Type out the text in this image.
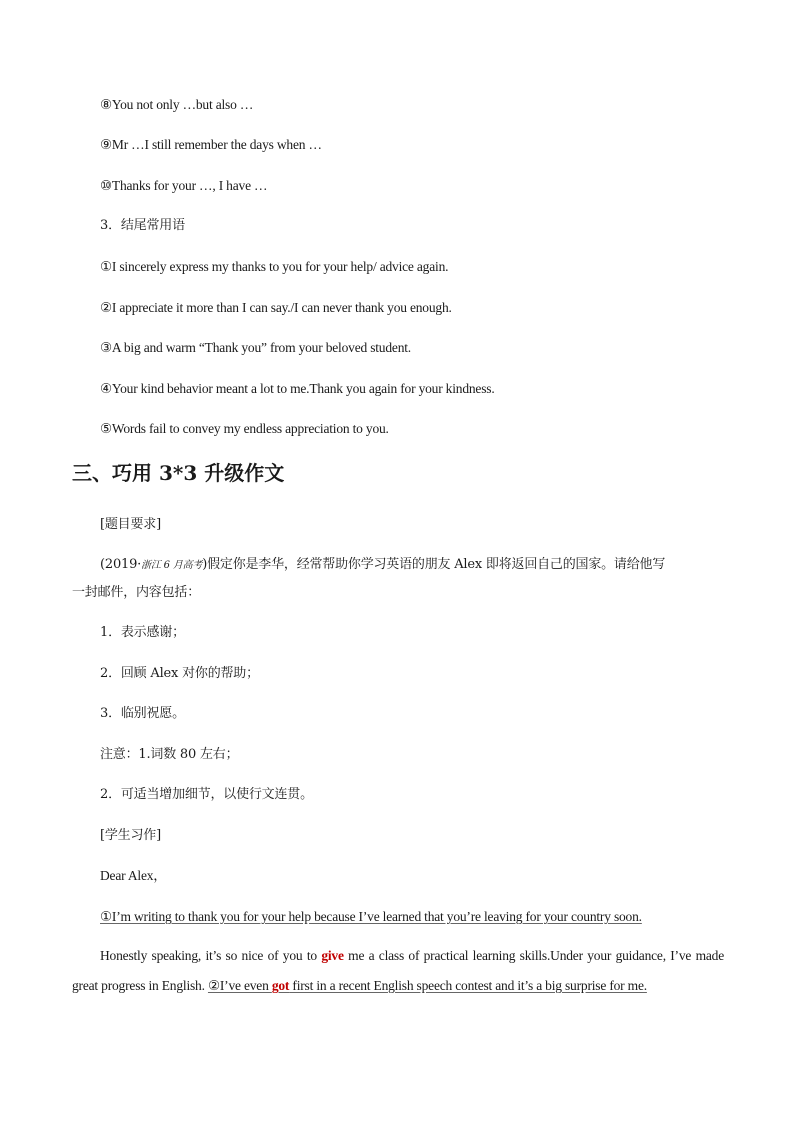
⑧You not only …but also …
⑨Mr …I still remember the days when …
⑩Thanks for your …, I have …
3．结尾常用语
①I sincerely express my thanks to you for your help/ advice again.
②I appreciate it more than I can say./I can never thank you enough.
③A big and warm “Thank you” from your beloved student.
④Your kind behavior meant a lot to me.Thank you again for your kindness.
⑤Words fail to convey my endless appreciation to you.
三、巧用 3*3 升级作文
[题目要求]
(2019·浙江 6 月高考)假定你是李华，经常帮助你学习英语的朋友 Alex 即将返回自己的国家。请给他写
一封邮件，内容包括：
1．表示感谢；
2．回顾 Alex 对你的帮助；
3．临别祝愿。
注意：1.词数 80 左右；
2．可适当增加细节，以使行文连贯。
[学生习作]
Dear Alex，
①I’m writing to thank you for your help because I’ve learned that you’re leaving for your country soon.
Honestly speaking, it’s so nice of you to give me a class of practical learning skills.Under your guidance, I’ve made great progress in English. ②I’ve even got first in a recent English speech contest and it’s a big surprise for me.
